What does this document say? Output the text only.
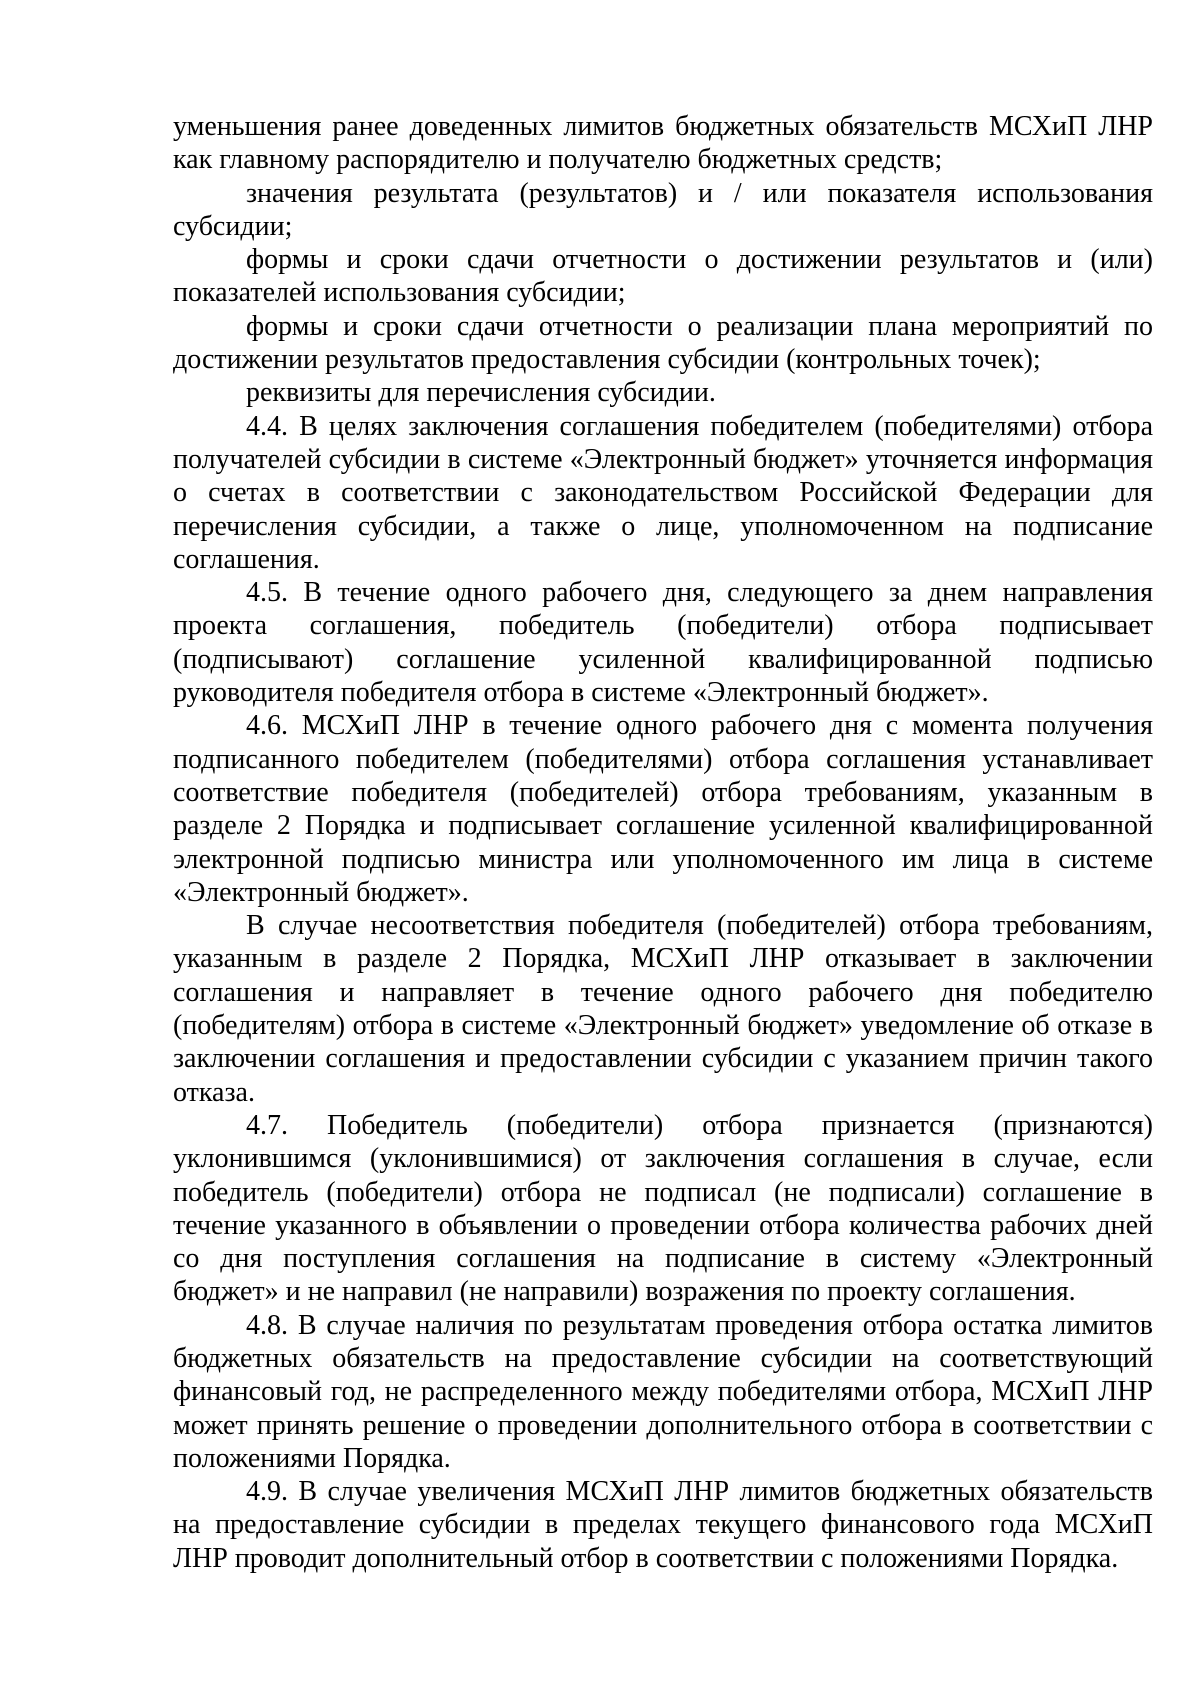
уменьшения ранее доведенных лимитов бюджетных обязательств МСХиП ЛНР как главному распорядителю и получателю бюджетных средств;

значения результата (результатов) и / или показателя использования субсидии;

формы и сроки сдачи отчетности о достижении результатов и (или) показателей использования субсидии;

формы и сроки сдачи отчетности о реализации плана мероприятий по достижении результатов предоставления субсидии (контрольных точек);

реквизиты для перечисления субсидии.

4.4. В целях заключения соглашения победителем (победителями) отбора получателей субсидии в системе «Электронный бюджет» уточняется информация о счетах в соответствии с законодательством Российской Федерации для перечисления субсидии, а также о лице, уполномоченном на подписание соглашения.

4.5. В течение одного рабочего дня, следующего за днем направления проекта соглашения, победитель (победители) отбора подписывает (подписывают) соглашение усиленной квалифицированной подписью руководителя победителя отбора в системе «Электронный бюджет».

4.6. МСХиП ЛНР в течение одного рабочего дня с момента получения подписанного победителем (победителями) отбора соглашения устанавливает соответствие победителя (победителей) отбора требованиям, указанным в разделе 2 Порядка и подписывает соглашение усиленной квалифицированной электронной подписью министра или уполномоченного им лица в системе «Электронный бюджет».

В случае несоответствия победителя (победителей) отбора требованиям, указанным в разделе 2 Порядка, МСХиП ЛНР отказывает в заключении соглашения и направляет в течение одного рабочего дня победителю (победителям) отбора в системе «Электронный бюджет» уведомление об отказе в заключении соглашения и предоставлении субсидии с указанием причин такого отказа.

4.7. Победитель (победители) отбора признается (признаются) уклонившимся (уклонившимися) от заключения соглашения в случае, если победитель (победители) отбора не подписал (не подписали) соглашение в течение указанного в объявлении о проведении отбора количества рабочих дней со дня поступления соглашения на подписание в систему «Электронный бюджет» и не направил (не направили) возражения по проекту соглашения.

4.8. В случае наличия по результатам проведения отбора остатка лимитов бюджетных обязательств на предоставление субсидии на соответствующий финансовый год, не распределенного между победителями отбора, МСХиП ЛНР может принять решение о проведении дополнительного отбора в соответствии с положениями Порядка.

4.9. В случае увеличения МСХиП ЛНР лимитов бюджетных обязательств на предоставление субсидии в пределах текущего финансового года МСХиП ЛНР проводит дополнительный отбор в соответствии с положениями Порядка.
